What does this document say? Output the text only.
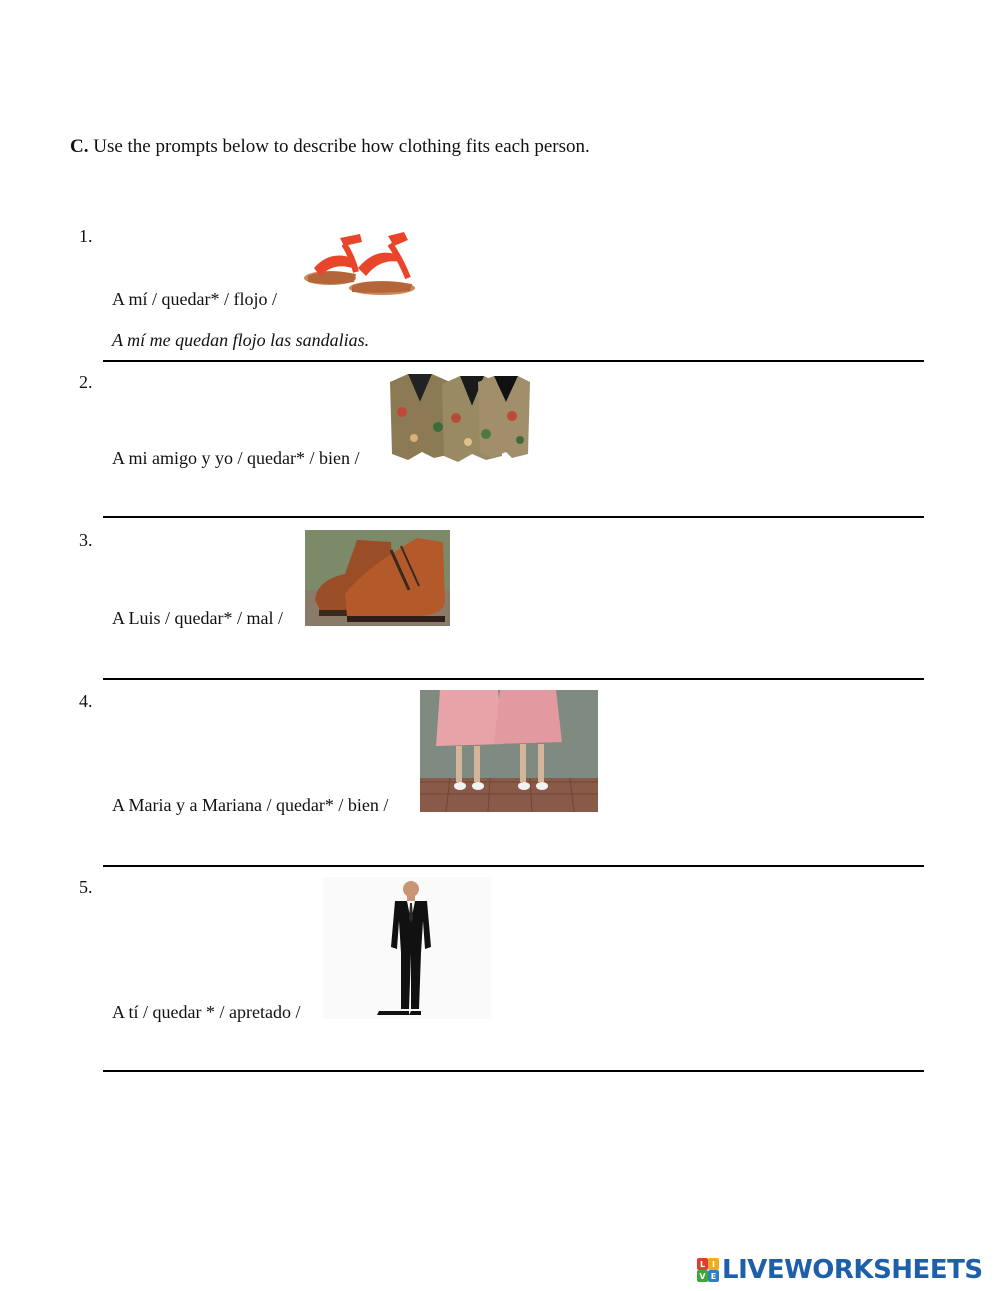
C. Use the prompts below to describe how clothing fits each person.
1.
A mí / quedar* / flojo /
A mí me quedan flojo las sandalias.
2.
A mi amigo y yo / quedar* / bien /
3.
A Luis / quedar* / mal /
4.
A Maria y a Mariana / quedar* / bien /
5.
A tí / quedar * / apretado /
L I
V E LIVEWORKSHEETS
